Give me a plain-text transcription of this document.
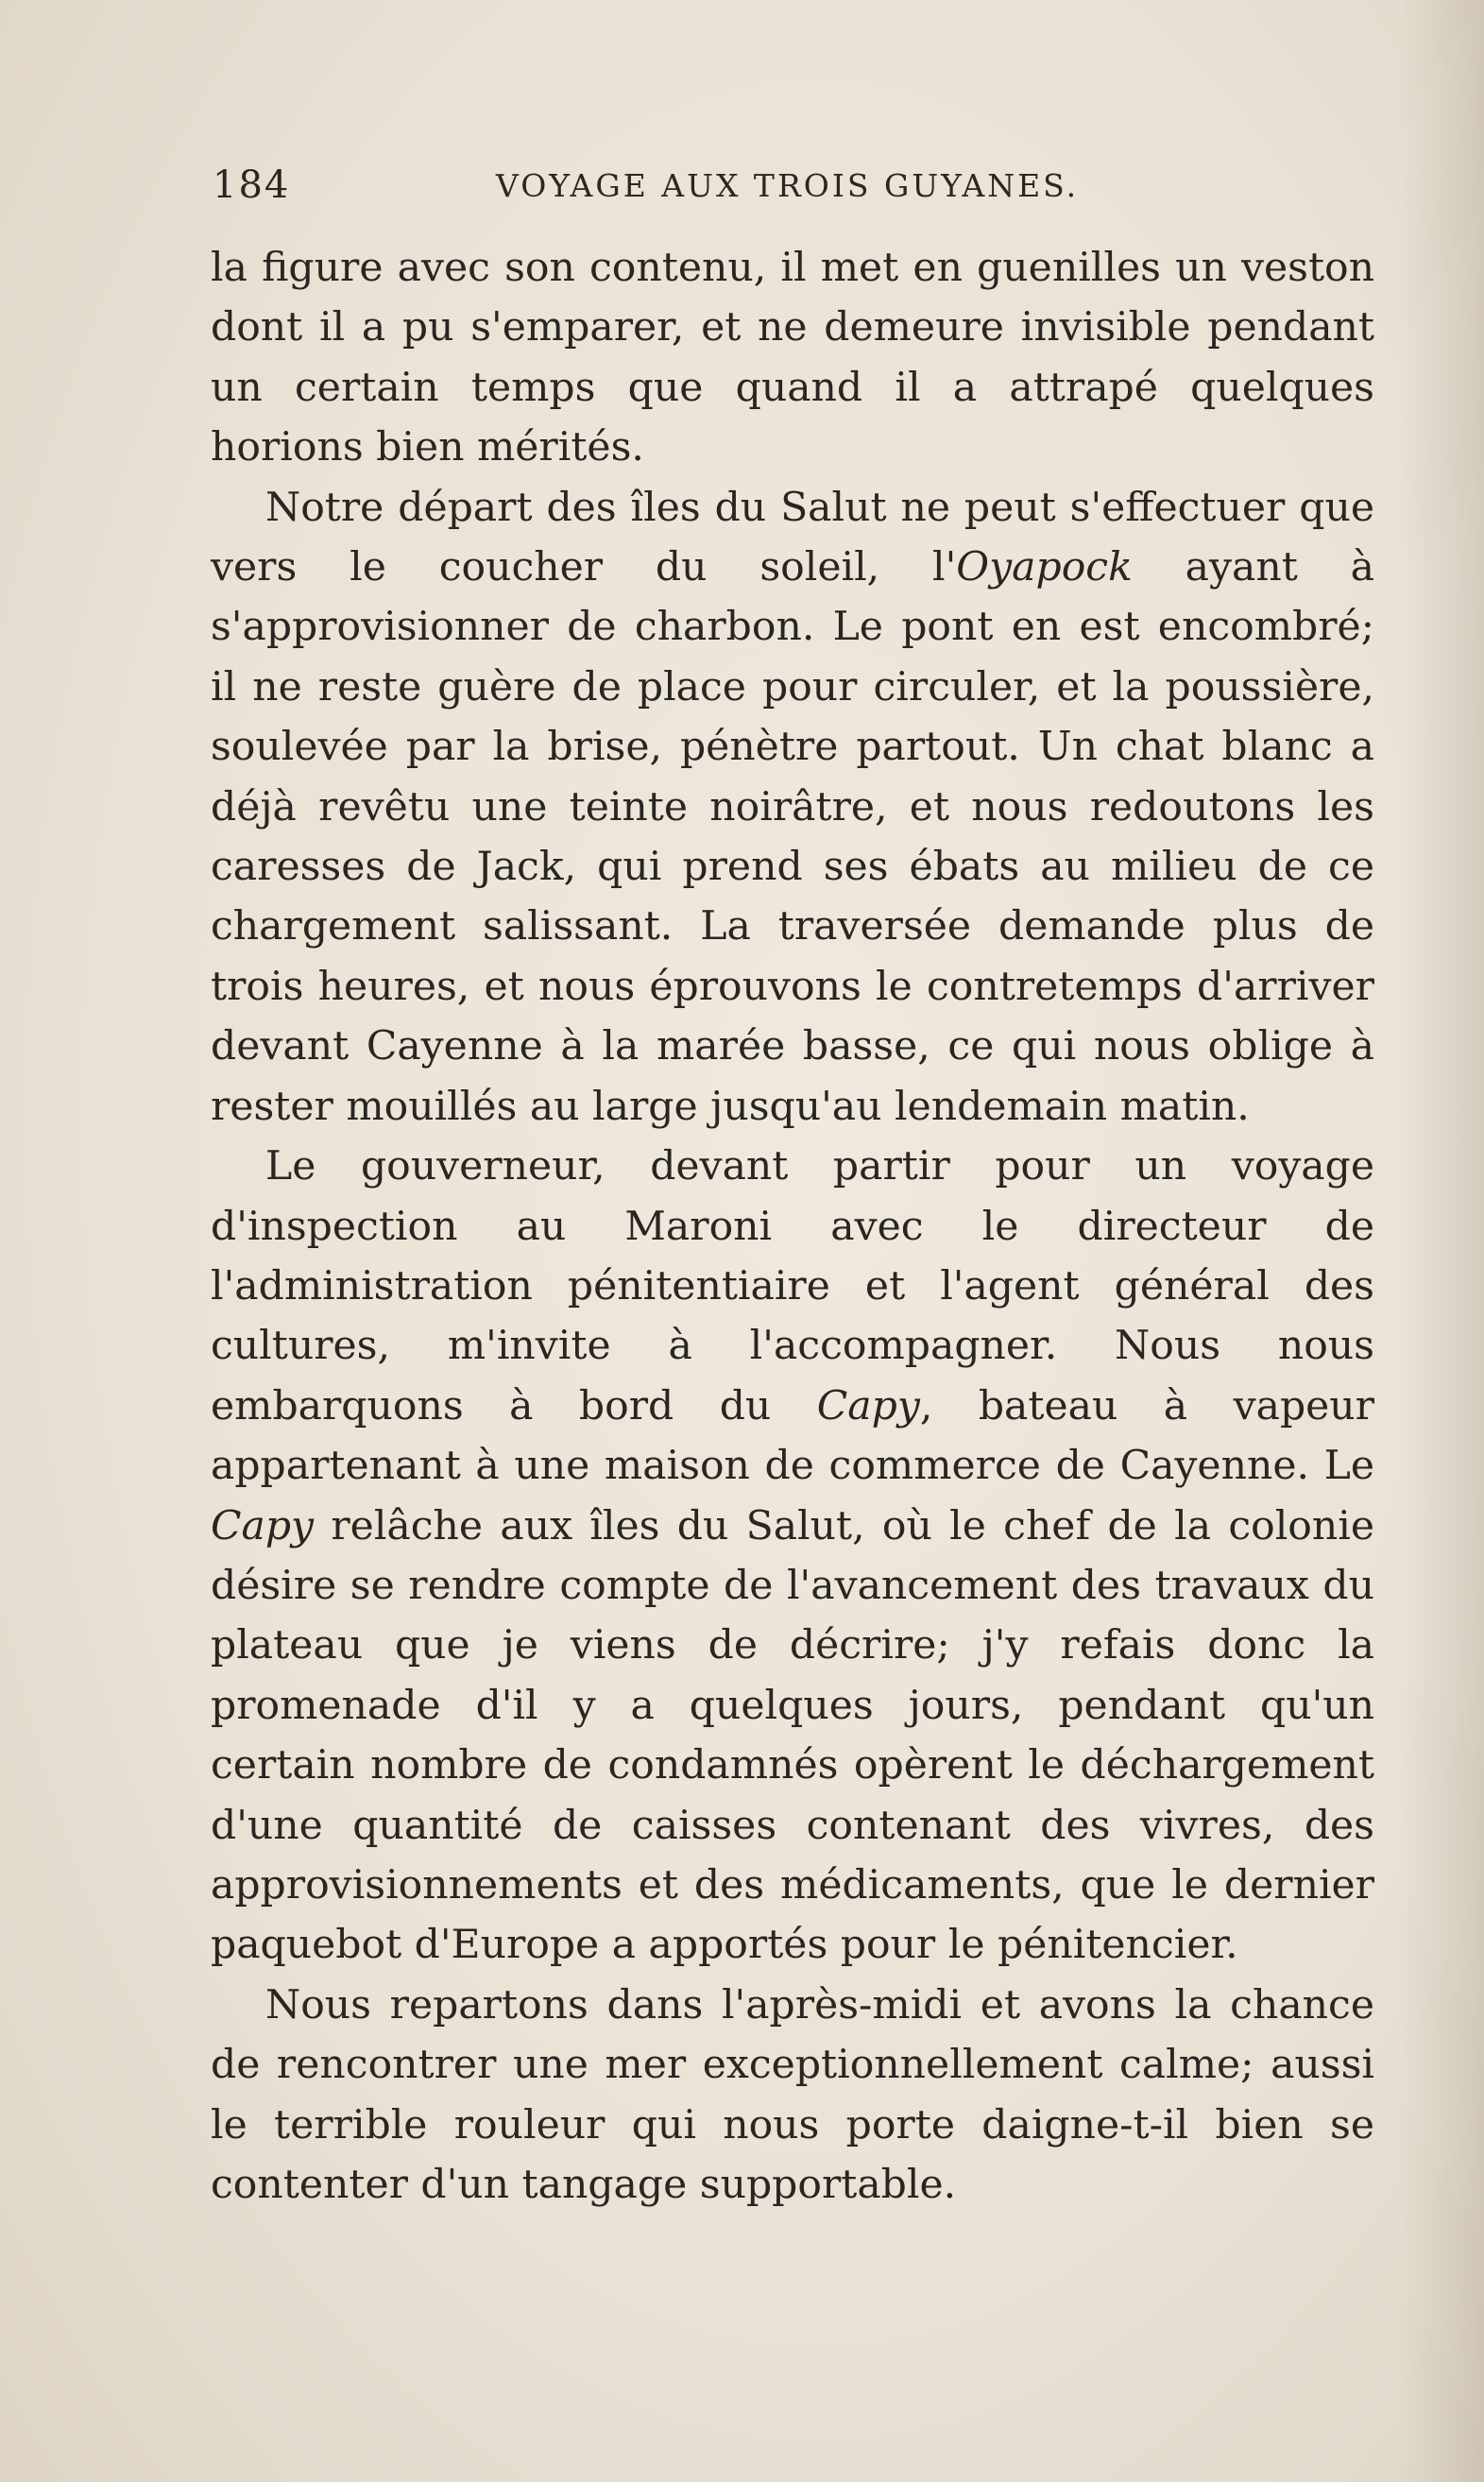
184	VOYAGE AUX TROIS GUYANES.

la figure avec son contenu, il met en guenilles un veston dont il a pu s'emparer, et ne demeure invisible pendant un certain temps que quand il a attrapé quelques horions bien mérités.

Notre départ des îles du Salut ne peut s'effectuer que vers le coucher du soleil, l'Oyapock ayant à s'approvisionner de charbon. Le pont en est encombré; il ne reste guère de place pour circuler, et la poussière, soulevée par la brise, pénètre partout. Un chat blanc a déjà revêtu une teinte noirâtre, et nous redoutons les caresses de Jack, qui prend ses ébats au milieu de ce chargement salissant. La traversée demande plus de trois heures, et nous éprouvons le contretemps d'arriver devant Cayenne à la marée basse, ce qui nous oblige à rester mouillés au large jusqu'au lendemain matin.

Le gouverneur, devant partir pour un voyage d'inspection au Maroni avec le directeur de l'administration pénitentiaire et l'agent général des cultures, m'invite à l'accompagner. Nous nous embarquons à bord du Capy, bateau à vapeur appartenant à une maison de commerce de Cayenne. Le Capy relâche aux îles du Salut, où le chef de la colonie désire se rendre compte de l'avancement des travaux du plateau que je viens de décrire; j'y refais donc la promenade d'il y a quelques jours, pendant qu'un certain nombre de condamnés opèrent le déchargement d'une quantité de caisses contenant des vivres, des approvisionnements et des médicaments, que le dernier paquebot d'Europe a apportés pour le pénitencier.

Nous repartons dans l'après-midi et avons la chance de rencontrer une mer exceptionnellement calme; aussi le terrible rouleur qui nous porte daigne-t-il bien se contenter d'un tangage supportable.
